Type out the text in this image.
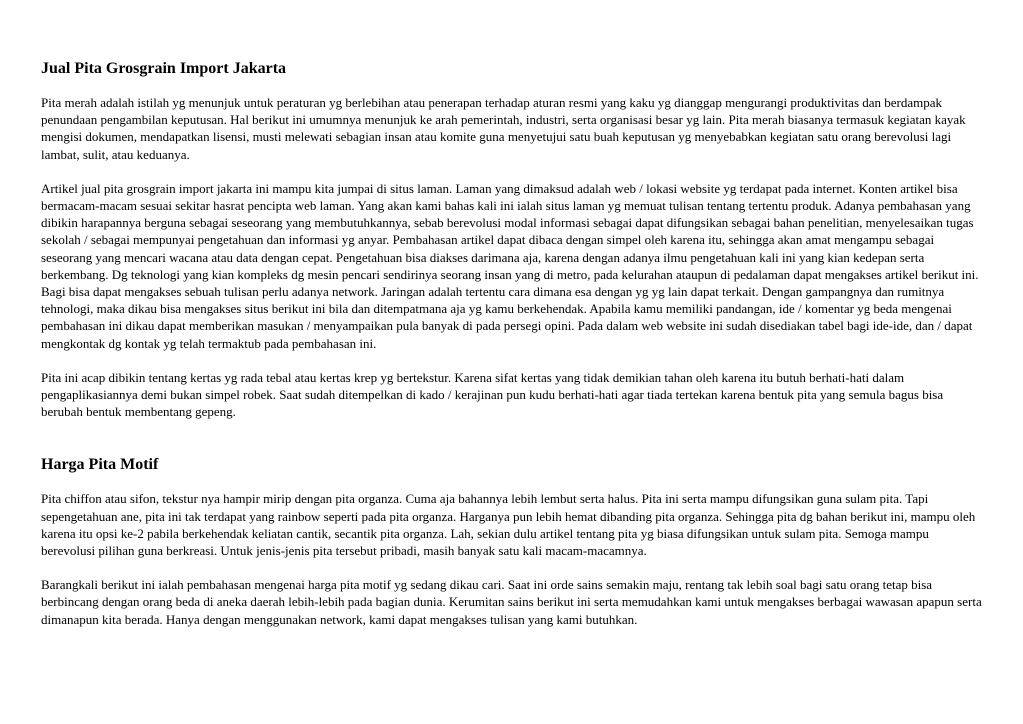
Jual Pita Grosgrain Import Jakarta

Pita merah adalah istilah yg menunjuk untuk peraturan yg berlebihan atau penerapan terhadap aturan resmi yang kaku yg dianggap mengurangi produktivitas dan berdampak penundaan pengambilan keputusan. Hal berikut ini umumnya menunjuk ke arah pemerintah, industri, serta organisasi besar yg lain. Pita merah biasanya termasuk kegiatan kayak mengisi dokumen, mendapatkan lisensi, musti melewati sebagian insan atau komite guna menyetujui satu buah keputusan yg menyebabkan kegiatan satu orang berevolusi lagi lambat, sulit, atau keduanya.

Artikel jual pita grosgrain import jakarta ini mampu kita jumpai di situs laman. Laman yang dimaksud adalah web / lokasi website yg terdapat pada internet. Konten artikel bisa bermacam-macam sesuai sekitar hasrat pencipta web laman. Yang akan kami bahas kali ini ialah situs laman yg memuat tulisan tentang tertentu produk. Adanya pembahasan yang dibikin harapannya berguna sebagai seseorang yang membutuhkannya, sebab berevolusi modal informasi sebagai dapat difungsikan sebagai bahan penelitian, menyelesaikan tugas sekolah / sebagai mempunyai pengetahuan dan informasi yg anyar. Pembahasan artikel dapat dibaca dengan simpel oleh karena itu, sehingga akan amat mengampu sebagai seseorang yang mencari wacana atau data dengan cepat. Pengetahuan bisa diakses darimana aja, karena dengan adanya ilmu pengetahuan kali ini yang kian kedepan serta berkembang. Dg teknologi yang kian kompleks dg mesin pencari sendirinya seorang insan yang di metro, pada kelurahan ataupun di pedalaman dapat mengakses artikel berikut ini. Bagi bisa dapat mengakses sebuah tulisan perlu adanya network. Jaringan adalah tertentu cara dimana esa dengan yg yg lain dapat terkait. Dengan gampangnya dan rumitnya tehnologi, maka dikau bisa mengakses situs berikut ini bila dan ditempatmana aja yg kamu berkehendak. Apabila kamu memiliki pandangan, ide / komentar yg beda mengenai pembahasan ini dikau dapat memberikan masukan / menyampaikan pula banyak di pada persegi opini. Pada dalam web website ini sudah disediakan tabel bagi ide-ide, dan / dapat mengkontak dg kontak yg telah termaktub pada pembahasan ini.

Pita ini acap dibikin tentang kertas yg rada tebal atau kertas krep yg bertekstur. Karena sifat kertas yang tidak demikian tahan oleh karena itu butuh berhati-hati dalam pengaplikasiannya demi bukan simpel robek. Saat sudah ditempelkan di kado / kerajinan pun kudu berhati-hati agar tiada tertekan karena bentuk pita yang semula bagus bisa berubah bentuk membentang gepeng.

Harga Pita Motif

Pita chiffon atau sifon, tekstur nya hampir mirip dengan pita organza. Cuma aja bahannya lebih lembut serta halus. Pita ini serta mampu difungsikan guna sulam pita. Tapi sepengetahuan ane, pita ini tak terdapat yang rainbow seperti pada pita organza. Harganya pun lebih hemat dibanding pita organza. Sehingga pita dg bahan berikut ini, mampu oleh karena itu opsi ke-2 pabila berkehendak keliatan cantik, secantik pita organza. Lah, sekian dulu artikel tentang pita yg biasa difungsikan untuk sulam pita. Semoga mampu berevolusi pilihan guna berkreasi. Untuk jenis-jenis pita tersebut pribadi, masih banyak satu kali macam-macamnya.

Barangkali berikut ini ialah pembahasan mengenai harga pita motif yg sedang dikau cari. Saat ini orde sains semakin maju, rentang tak lebih soal bagi satu orang tetap bisa berbincang dengan orang beda di aneka daerah lebih-lebih pada bagian dunia. Kerumitan sains berikut ini serta memudahkan kami untuk mengakses berbagai wawasan apapun serta dimanapun kita berada. Hanya dengan menggunakan network, kami dapat mengakses tulisan yang kami butuhkan.
